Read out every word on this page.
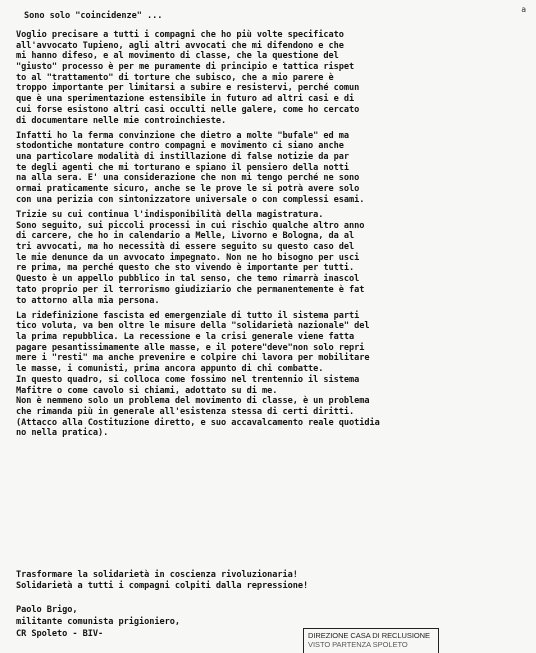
a
Sono solo "coincidenze" ...
Voglio precisare a tutti i compagni che ho più volte specificato
all'avvocato Tupieno, agli altri avvocati che mi difendono e che
mi hanno difeso, e al movimento di classe, che la questione del
"giusto" processo è per me puramente di principio e tattica rispet
to al "trattamento" di torture che subisco, che a mio parere è
troppo importante per limitarsi a subire e resistervi, perché comun
que è una sperimentazione estensibile in futuro ad altri casi e di
cui forse esistono altri casi occulti nelle galere, come ho cercato
di documentare nelle mie controinchieste.
Infatti ho la ferma convinzione che dietro a molte "bufale" ed ma
stodontiche montature contro compagni e movimento ci siano anche
una particolare modalità di instillazione di false notizie da par
te degli agenti che mi torturano e spiano il pensiero della notti
na alla sera. E' una considerazione che non mi tengo perché ne sono
ormai praticamente sicuro, anche se le prove le si potrà avere solo
con una perizia con sintonizzatore universale o con complessi esami.
Trizie su cui continua l'indisponibilità della magistratura.
Sono seguito, sui piccoli processi in cui rischio qualche altro anno
di carcere, che ho in calendario a Melle, Livorno e Bologna, da al
tri avvocati, ma ho necessità di essere seguito su questo caso del
le mie denunce da un avvocato impegnato. Non ne ho bisogno per usci
re prima, ma perché questo che sto vivendo è importante per tutti.
Questo è un appello pubblico in tal senso, che temo rimarrà inascol
tato proprio per il terrorismo giudiziario che permanentemente è fat
to attorno alla mia persona.
La ridefinizione fascista ed emergenziale di tutto il sistema parti
tico voluta, va ben oltre le misure della "solidarietà nazionale" del
la prima repubblica. La recessione e la crisi generale viene fatta
pagare pesantissimamente alle masse, e il potere"deve"non solo repri
mere i "resti" ma anche prevenire e colpire chi lavora per mobilitare
le masse, i comunisti, prima ancora appunto di chi combatte.
In questo quadro, si colloca come fossimo nel trentennio il sistema
Mafitre o come cavolo si chiami, adottato su di me.
Non è nemmeno solo un problema del movimento di classe, è un problema
che rimanda più in generale all'esistenza stessa di certi diritti.
(Attacco alla Costituzione diretto, e suo accavalcamento reale quotidia
no nella pratica).
Trasformare la solidarietà in coscienza rivoluzionaria!
Solidarietà a tutti i compagni colpiti dalla repressione!
Paolo Brigo,
militante comunista prigioniero,
CR Spoleto - BIV-	DIREZIONE CASA DI RECLUSIONE
VISTO PARTENZA SPOLETO
